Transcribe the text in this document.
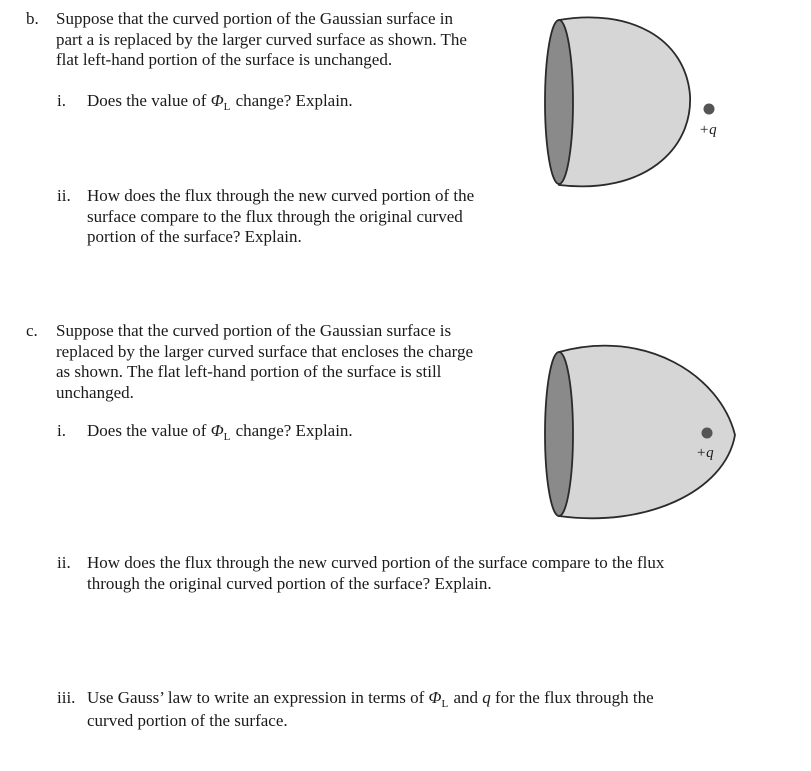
b. Suppose that the curved portion of the Gaussian surface in
part a is replaced by the larger curved surface as shown. The
flat left-hand portion of the surface is unchanged.
i. Does the value of $\Phi_L$ change? Explain.
ii. How does the flux through the new curved portion of the
surface compare to the flux through the original curved
portion of the surface? Explain.
+q
c. Suppose that the curved portion of the Gaussian surface is
replaced by the larger curved surface that encloses the charge
as shown. The flat left-hand portion of the surface is still
unchanged.
i. Does the value of $\Phi_L$ change? Explain.
+q
ii. How does the flux through the new curved portion of the surface compare to the flux
through the original curved portion of the surface? Explain.
iii. Use Gauss’ law to write an expression in terms of $\Phi_L$ and q for the flux through the
curved portion of the surface.
